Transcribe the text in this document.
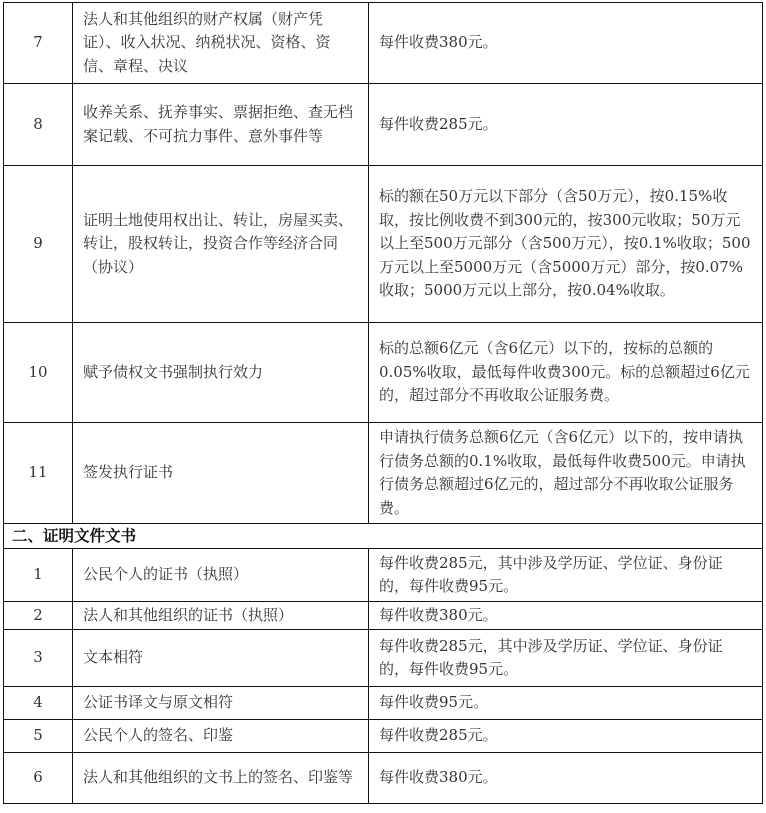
7	法人和其他组织的财产权属（财产凭证）、收入状况、纳税状况、资格、资信、章程、决议	每件收费380元。
8	收养关系、抚养事实、票据拒绝、查无档案记载、不可抗力事件、意外事件等	每件收费285元。
9	证明土地使用权出让、转让，房屋买卖、转让，股权转让，投资合作等经济合同（协议）	标的额在50万元以下部分（含50万元），按0.15%收取，按比例收费不到300元的，按300元收取；50万元以上至500万元部分（含500万元），按0.1%收取；500万元以上至5000万元（含5000万元）部分，按0.07%收取；5000万元以上部分，按0.04%收取。
10	赋予债权文书强制执行效力	标的总额6亿元（含6亿元）以下的，按标的总额的0.05%收取，最低每件收费300元。标的总额超过6亿元的，超过部分不再收取公证服务费。
11	签发执行证书	申请执行债务总额6亿元（含6亿元）以下的，按申请执行债务总额的0.1%收取，最低每件收费500元。申请执行债务总额超过6亿元的，超过部分不再收取公证服务费。
二、证明文件文书		
1	公民个人的证书（执照）	每件收费285元，其中涉及学历证、学位证、身份证的，每件收费95元。
2	法人和其他组织的证书（执照）	每件收费380元。
3	文本相符	每件收费285元，其中涉及学历证、学位证、身份证的，每件收费95元。
4	公证书译文与原文相符	每件收费95元。
5	公民个人的签名、印鉴	每件收费285元。
6	法人和其他组织的文书上的签名、印鉴等	每件收费380元。
